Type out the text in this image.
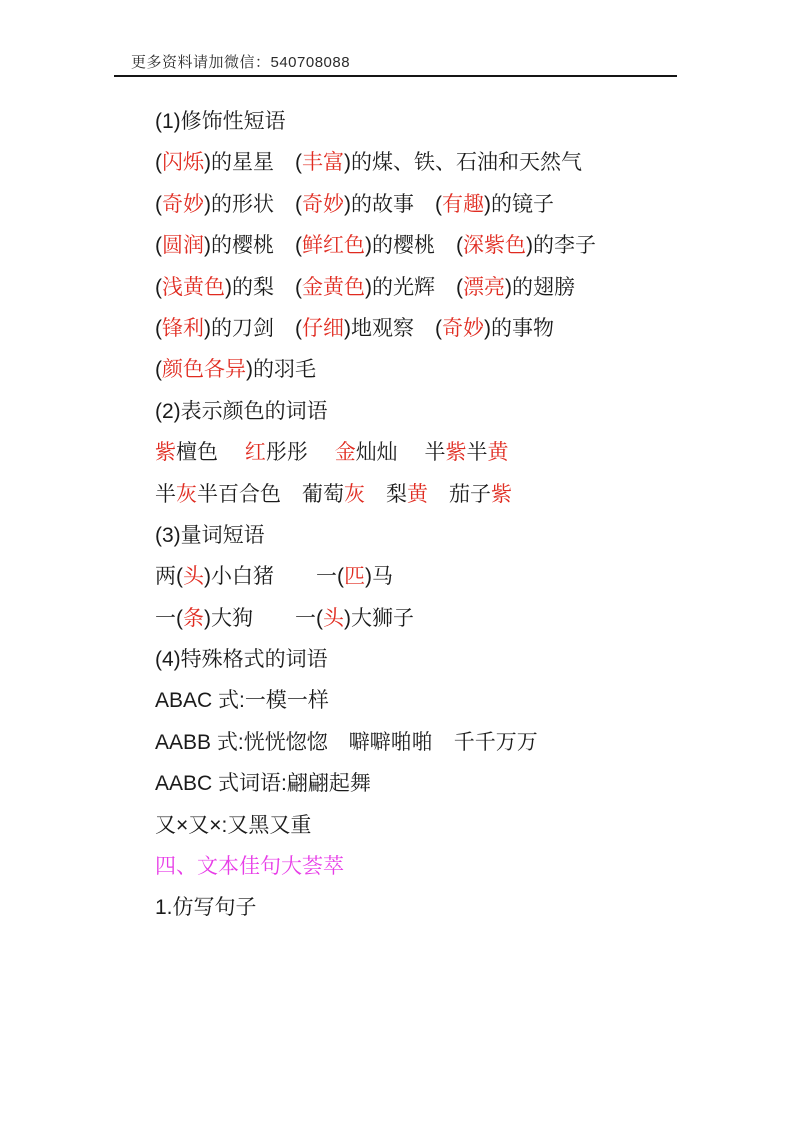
更多资料请加微信：540708088
(1)修饰性短语
(闪烁)的星星　(丰富)的煤、铁、石油和天然气
(奇妙)的形状　(奇妙)的故事　(有趣)的镜子
(圆润)的樱桃　(鲜红色)的樱桃　(深紫色)的李子
(浅黄色)的梨　(金黄色)的光辉　(漂亮)的翅膀
(锋利)的刀剑　(仔细)地观察　(奇妙)的事物
(颜色各异)的羽毛
(2)表示颜色的词语
紫檀色　 红彤彤　 金灿灿　 半紫半黄
半灰半百合色　葡萄灰　梨黄　茄子紫
(3)量词短语
两(头)小白猪　　一(匹)马
一(条)大狗　　一(头)大狮子
(4)特殊格式的词语
ABAC 式:一模一样
AABB 式:恍恍惚惚　噼噼啪啪　千千万万
AABC 式词语:翩翩起舞
又×又×:又黑又重
四、文本佳句大荟萃
1.仿写句子
